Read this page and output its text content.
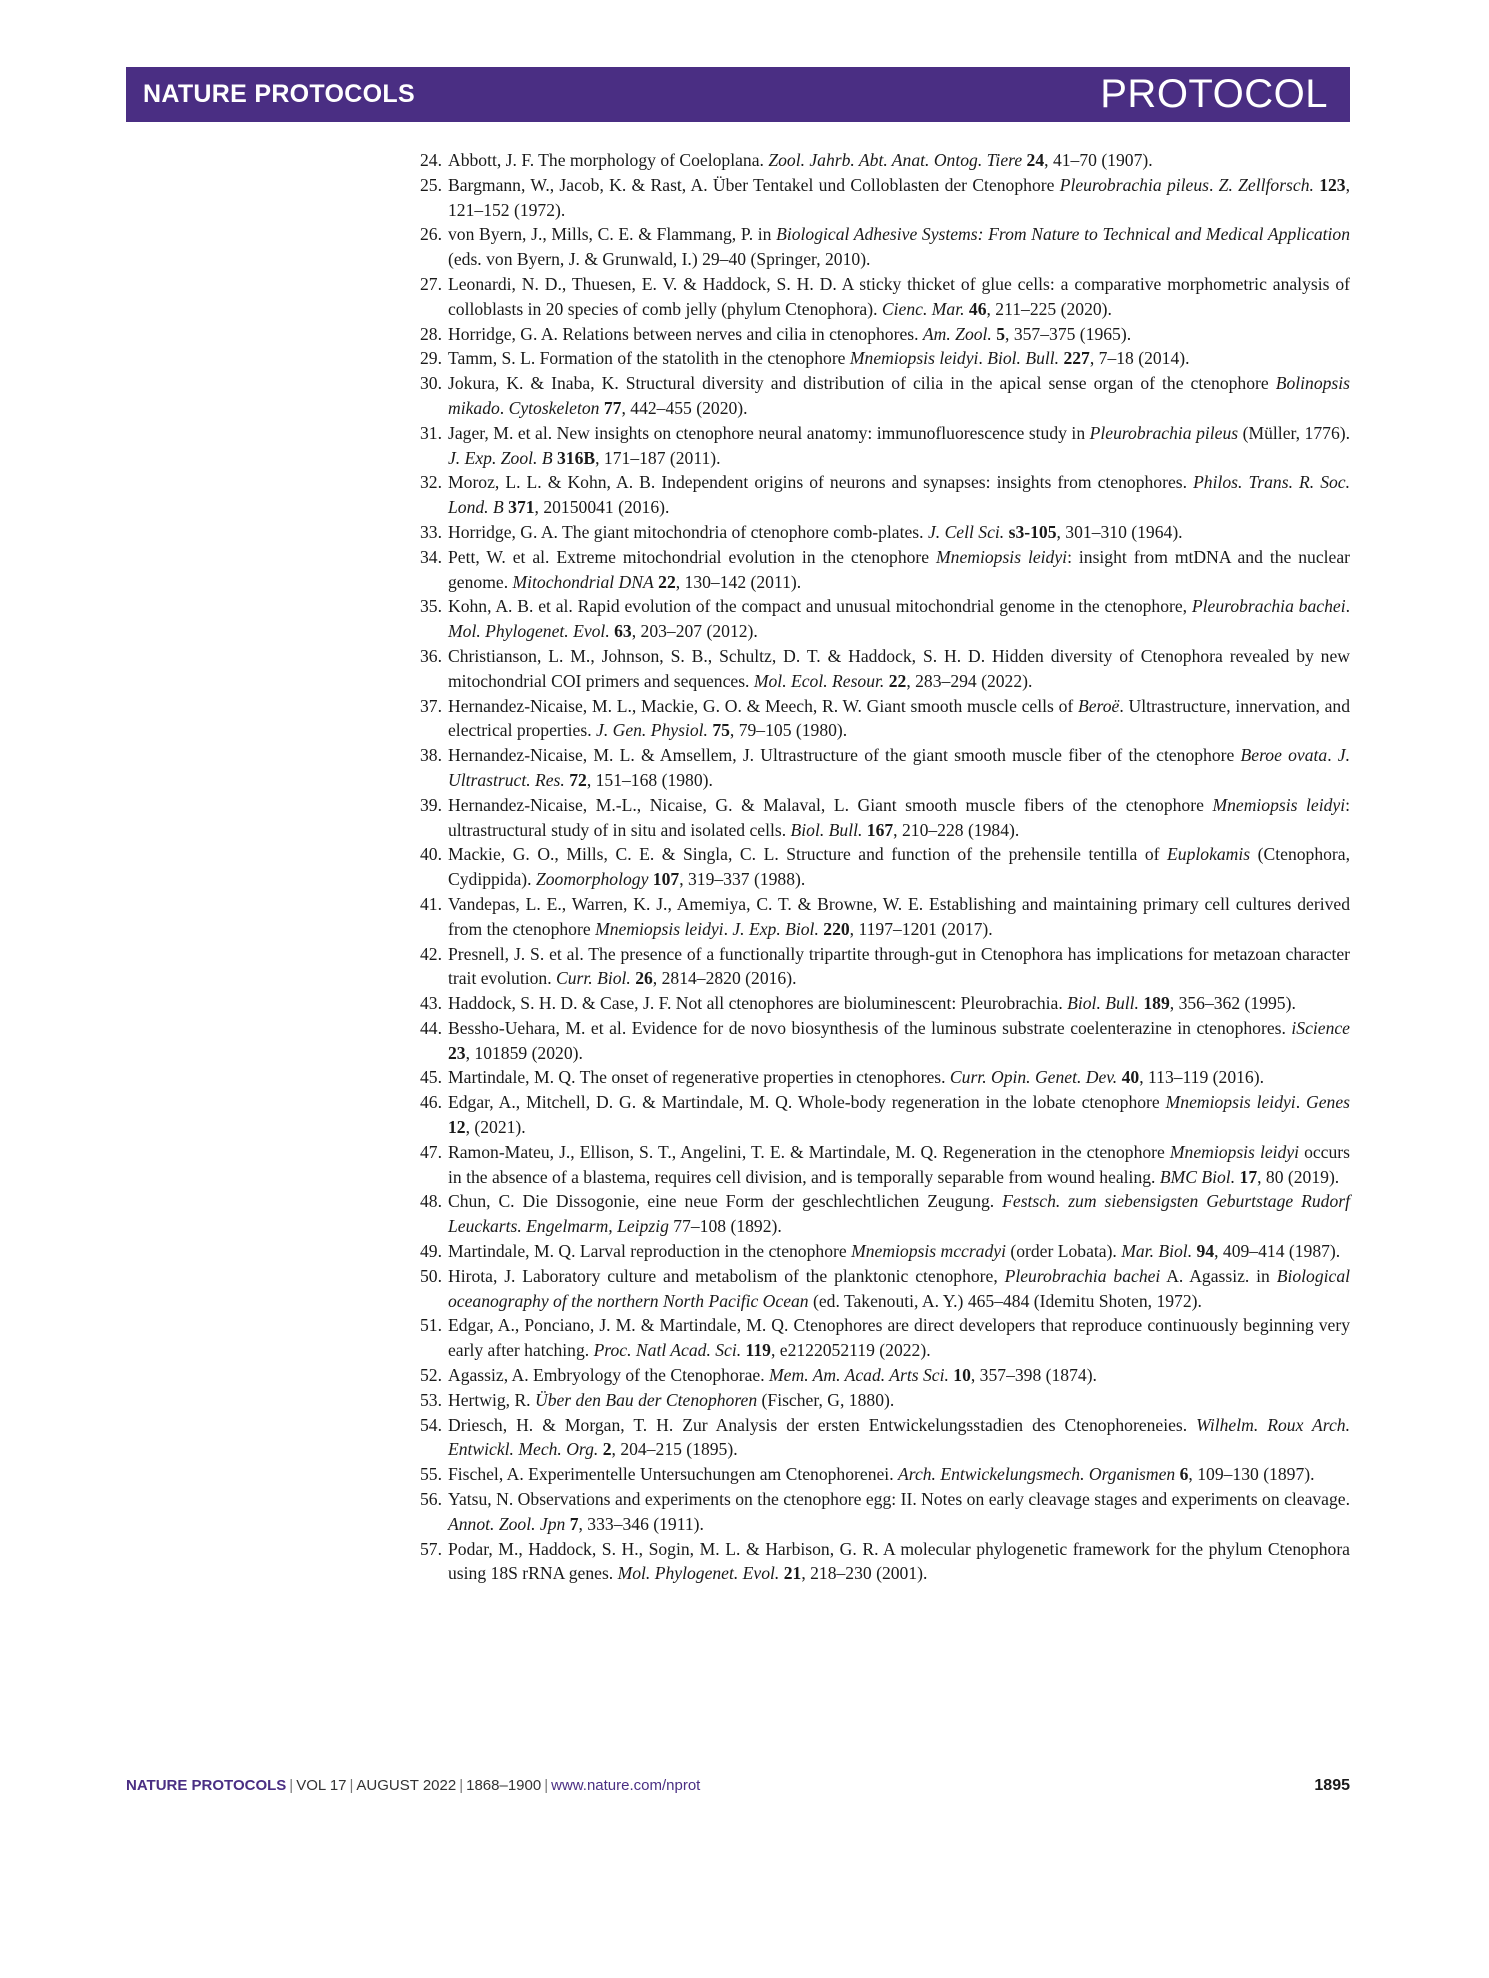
NATURE PROTOCOLS	PROTOCOL
24. Abbott, J. F. The morphology of Coeloplana. Zool. Jahrb. Abt. Anat. Ontog. Tiere 24, 41–70 (1907).
25. Bargmann, W., Jacob, K. & Rast, A. Über Tentakel und Colloblasten der Ctenophore Pleurobrachia pileus. Z. Zellforsch. 123, 121–152 (1972).
26. von Byern, J., Mills, C. E. & Flammang, P. in Biological Adhesive Systems: From Nature to Technical and Medical Application (eds. von Byern, J. & Grunwald, I.) 29–40 (Springer, 2010).
27. Leonardi, N. D., Thuesen, E. V. & Haddock, S. H. D. A sticky thicket of glue cells: a comparative morphometric analysis of colloblasts in 20 species of comb jelly (phylum Ctenophora). Cienc. Mar. 46, 211–225 (2020).
28. Horridge, G. A. Relations between nerves and cilia in ctenophores. Am. Zool. 5, 357–375 (1965).
29. Tamm, S. L. Formation of the statolith in the ctenophore Mnemiopsis leidyi. Biol. Bull. 227, 7–18 (2014).
30. Jokura, K. & Inaba, K. Structural diversity and distribution of cilia in the apical sense organ of the ctenophore Bolinopsis mikado. Cytoskeleton 77, 442–455 (2020).
31. Jager, M. et al. New insights on ctenophore neural anatomy: immunofluorescence study in Pleurobrachia pileus (Müller, 1776). J. Exp. Zool. B 316B, 171–187 (2011).
32. Moroz, L. L. & Kohn, A. B. Independent origins of neurons and synapses: insights from ctenophores. Philos. Trans. R. Soc. Lond. B 371, 20150041 (2016).
33. Horridge, G. A. The giant mitochondria of ctenophore comb-plates. J. Cell Sci. s3-105, 301–310 (1964).
34. Pett, W. et al. Extreme mitochondrial evolution in the ctenophore Mnemiopsis leidyi: insight from mtDNA and the nuclear genome. Mitochondrial DNA 22, 130–142 (2011).
35. Kohn, A. B. et al. Rapid evolution of the compact and unusual mitochondrial genome in the ctenophore, Pleurobrachia bachei. Mol. Phylogenet. Evol. 63, 203–207 (2012).
36. Christianson, L. M., Johnson, S. B., Schultz, D. T. & Haddock, S. H. D. Hidden diversity of Ctenophora revealed by new mitochondrial COI primers and sequences. Mol. Ecol. Resour. 22, 283–294 (2022).
37. Hernandez-Nicaise, M. L., Mackie, G. O. & Meech, R. W. Giant smooth muscle cells of Beroë. Ultrastructure, innervation, and electrical properties. J. Gen. Physiol. 75, 79–105 (1980).
38. Hernandez-Nicaise, M. L. & Amsellem, J. Ultrastructure of the giant smooth muscle fiber of the ctenophore Beroe ovata. J. Ultrastruct. Res. 72, 151–168 (1980).
39. Hernandez-Nicaise, M.-L., Nicaise, G. & Malaval, L. Giant smooth muscle fibers of the ctenophore Mnemiopsis leidyi: ultrastructural study of in situ and isolated cells. Biol. Bull. 167, 210–228 (1984).
40. Mackie, G. O., Mills, C. E. & Singla, C. L. Structure and function of the prehensile tentilla of Euplokamis (Ctenophora, Cydippida). Zoomorphology 107, 319–337 (1988).
41. Vandepas, L. E., Warren, K. J., Amemiya, C. T. & Browne, W. E. Establishing and maintaining primary cell cultures derived from the ctenophore Mnemiopsis leidyi. J. Exp. Biol. 220, 1197–1201 (2017).
42. Presnell, J. S. et al. The presence of a functionally tripartite through-gut in Ctenophora has implications for metazoan character trait evolution. Curr. Biol. 26, 2814–2820 (2016).
43. Haddock, S. H. D. & Case, J. F. Not all ctenophores are bioluminescent: Pleurobrachia. Biol. Bull. 189, 356–362 (1995).
44. Bessho-Uehara, M. et al. Evidence for de novo biosynthesis of the luminous substrate coelenterazine in ctenophores. iScience 23, 101859 (2020).
45. Martindale, M. Q. The onset of regenerative properties in ctenophores. Curr. Opin. Genet. Dev. 40, 113–119 (2016).
46. Edgar, A., Mitchell, D. G. & Martindale, M. Q. Whole-body regeneration in the lobate ctenophore Mnemiopsis leidyi. Genes 12, (2021).
47. Ramon-Mateu, J., Ellison, S. T., Angelini, T. E. & Martindale, M. Q. Regeneration in the ctenophore Mnemiopsis leidyi occurs in the absence of a blastema, requires cell division, and is temporally separable from wound healing. BMC Biol. 17, 80 (2019).
48. Chun, C. Die Dissogonie, eine neue Form der geschlechtlichen Zeugung. Festsch. zum siebensigsten Geburtstage Rudorf Leuckarts. Engelmarm, Leipzig 77–108 (1892).
49. Martindale, M. Q. Larval reproduction in the ctenophore Mnemiopsis mccradyi (order Lobata). Mar. Biol. 94, 409–414 (1987).
50. Hirota, J. Laboratory culture and metabolism of the planktonic ctenophore, Pleurobrachia bachei A. Agassiz. in Biological oceanography of the northern North Pacific Ocean (ed. Takenouti, A. Y.) 465–484 (Idemitu Shoten, 1972).
51. Edgar, A., Ponciano, J. M. & Martindale, M. Q. Ctenophores are direct developers that reproduce continuously beginning very early after hatching. Proc. Natl Acad. Sci. 119, e2122052119 (2022).
52. Agassiz, A. Embryology of the Ctenophorae. Mem. Am. Acad. Arts Sci. 10, 357–398 (1874).
53. Hertwig, R. Über den Bau der Ctenophoren (Fischer, G, 1880).
54. Driesch, H. & Morgan, T. H. Zur Analysis der ersten Entwickelungsstadien des Ctenophoreneies. Wilhelm. Roux Arch. Entwickl. Mech. Org. 2, 204–215 (1895).
55. Fischel, A. Experimentelle Untersuchungen am Ctenophorenei. Arch. Entwickelungsmech. Organismen 6, 109–130 (1897).
56. Yatsu, N. Observations and experiments on the ctenophore egg: II. Notes on early cleavage stages and experiments on cleavage. Annot. Zool. Jpn 7, 333–346 (1911).
57. Podar, M., Haddock, S. H., Sogin, M. L. & Harbison, G. R. A molecular phylogenetic framework for the phylum Ctenophora using 18S rRNA genes. Mol. Phylogenet. Evol. 21, 218–230 (2001).
NATURE PROTOCOLS | VOL 17 | AUGUST 2022 | 1868–1900 | www.nature.com/nprot	1895
